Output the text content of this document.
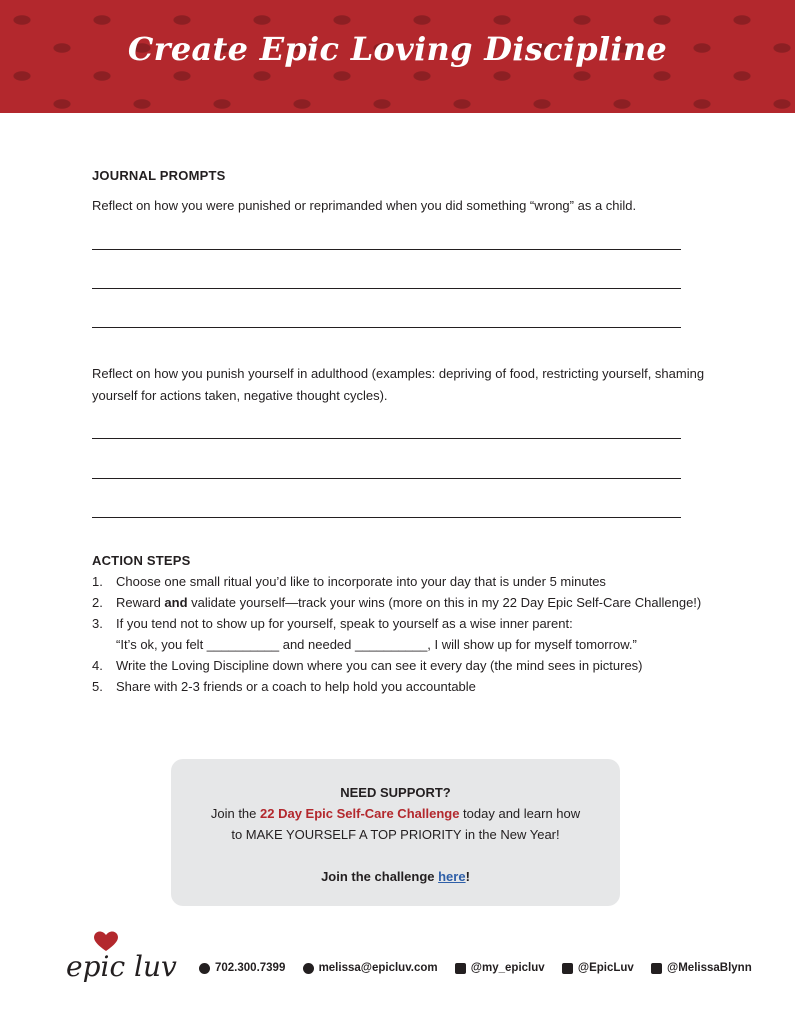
Create Epic Loving Discipline
JOURNAL PROMPTS
Reflect on how you were punished or reprimanded when you did something “wrong” as a child.
Reflect on how you punish yourself in adulthood (examples: depriving of food, restricting yourself, shaming yourself for actions taken, negative thought cycles).
ACTION STEPS
1. Choose one small ritual you’d like to incorporate into your day that is under 5 minutes
2. Reward and validate yourself—track your wins (more on this in my 22 Day Epic Self-Care Challenge!)
3. If you tend not to show up for yourself, speak to yourself as a wise inner parent:
“It’s ok, you felt __________ and needed __________, I will show up for myself tomorrow.”
4. Write the Loving Discipline down where you can see it every day (the mind sees in pictures)
5. Share with 2-3 friends or a coach to help hold you accountable
NEED SUPPORT?
Join the 22 Day Epic Self-Care Challenge today and learn how
to MAKE YOURSELF A TOP PRIORITY in the New Year!
Join the challenge here!
epic luv	702.300.7399	melissa@epicluv.com	@my_epicluv	@EpicLuv	@MelissaBlynn
